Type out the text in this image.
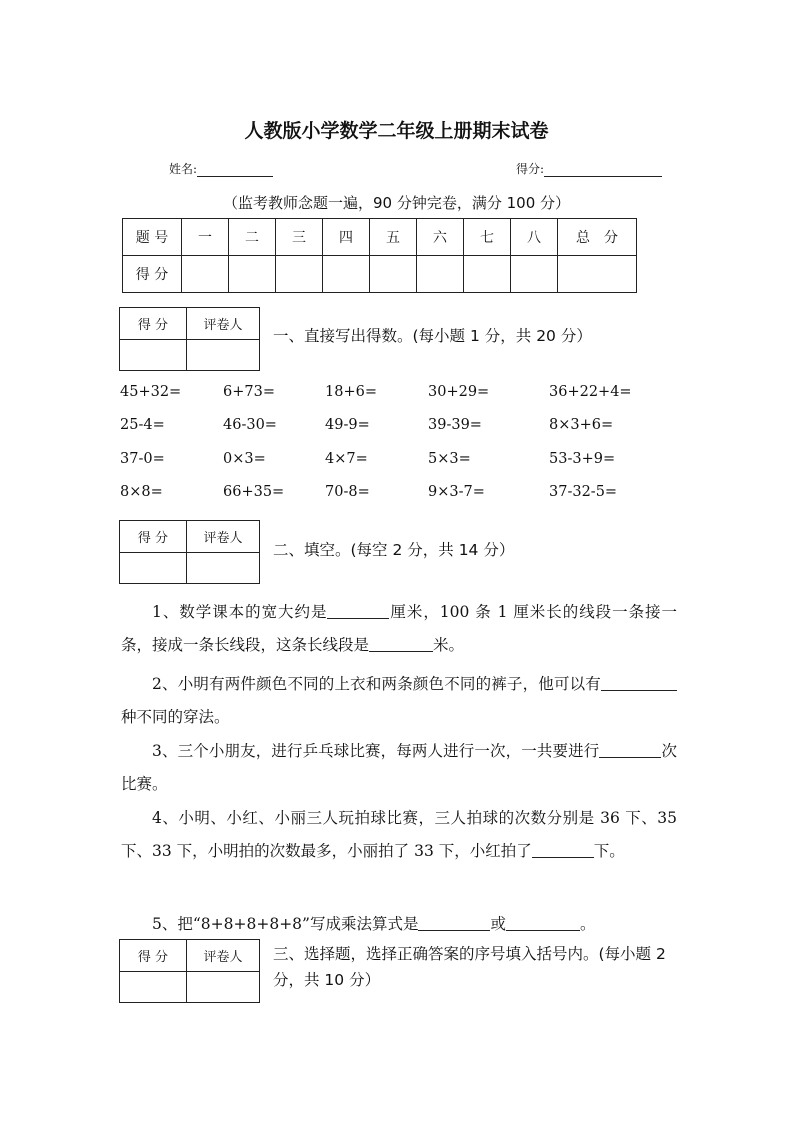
人教版小学数学二年级上册期末试卷
姓名:	得分:
（监考教师念题一遍，90 分钟完卷，满分 100 分）
题 号	一	二	三	四	五	六	七	八	总　分
得 分									
得 分	评卷人

一、直接写出得数。(每小题 1 分，共 20 分）
45+32=	6+73=	18+6=	30+29=	36+22+4=
25-4=	46-30=	49-9=	39-39=	8×3+6=
37-0=	0×3=	4×7=	5×3=	53-3+9=
8×8=	66+35=	70-8=	9×3-7=	37-32-5=
得 分	评卷人

二、填空。(每空 2 分，共 14 分）
1、数学课本的宽大约是	厘米，100 条 1 厘米长的线段一条接一条，接成一条长线段，这条长线段是	米。
2、小明有两件颜色不同的上衣和两条颜色不同的裤子，他可以有种不同的穿法。
3、三个小朋友，进行乒乓球比赛，每两人进行一次，一共要进行	次比赛。
4、小明、小红、小丽三人玩拍球比赛，三人拍球的次数分别是 36 下、35 下、33 下，小明拍的次数最多，小丽拍了 33 下，小红拍了	下。
5、把“8+8+8+8+8”写成乘法算式是	或	。
得 分	评卷人
	三、选择题，选择正确答案的序号填入括号内。(每小题 2 分，共 10 分）
